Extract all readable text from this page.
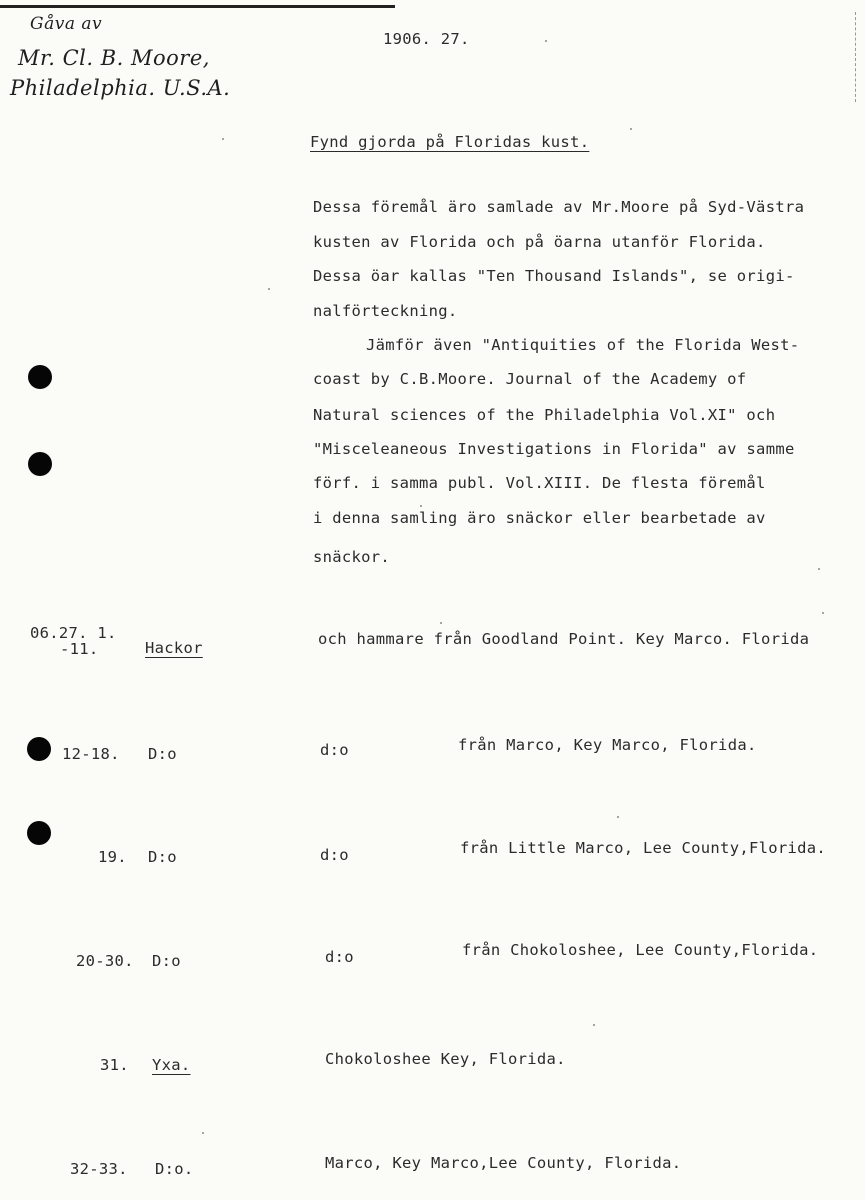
Gåva av
Mr. Cl. B. Moore,
Philadelphia. U.S.A.
1906. 27.
Fynd gjorda på Floridas kust.
Dessa föremål äro samlade av Mr.Moore på Syd-Västra
kusten av Florida och på öarna utanför Florida.
Dessa öar kallas "Ten Thousand Islands", se origi-
nalförteckning.
Jämför även "Antiquities of the Florida West-
coast by C.B.Moore. Journal of the Academy of
Natural sciences of the Philadelphia Vol.XI" och
"Misceleaneous Investigations in Florida" av samme
förf. i samma publ. Vol.XIII. De flesta föremål
i denna samling äro snäckor eller bearbetade av
snäckor.
06.27. 1.
-11.	Hackor	och hammare från Goodland Point. Key Marco. Florida
12-18. D:o	d:o	från Marco, Key Marco, Florida.
19. D:o	d:o	från Little Marco, Lee County,Florida.
20-30. D:o	d:o	från Chokoloshee, Lee County,Florida.
31. Yxa.	Chokoloshee Key, Florida.
32-33. D:o.	Marco, Key Marco,Lee County, Florida.
